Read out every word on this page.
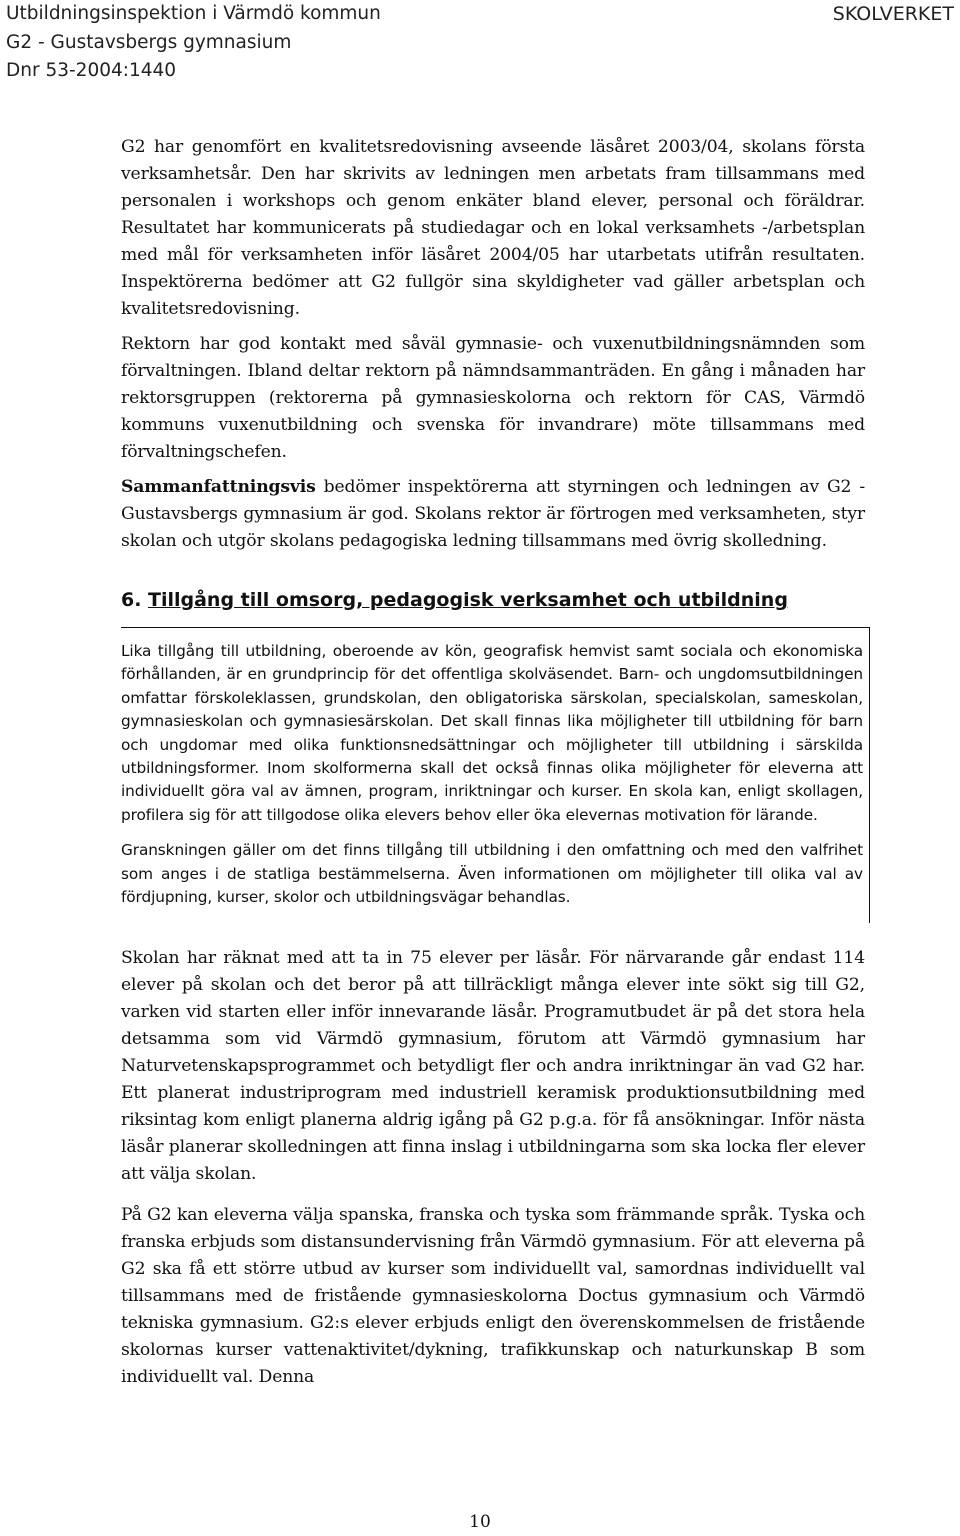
Utbildningsinspektion i Värmdö kommun
G2 - Gustavsbergs gymnasium
Dnr 53-2004:1440
SKOLVERKET

G2 har genomfört en kvalitetsredovisning avseende läsåret 2003/04, skolans första verksamhetsår. Den har skrivits av ledningen men arbetats fram tillsammans med personalen i workshops och genom enkäter bland elever, personal och föräldrar. Resultatet har kommunicerats på studiedagar och en lokal verksamhets -/arbetsplan med mål för verksamheten inför läsåret 2004/05 har utarbetats utifrån resultaten. Inspektörerna bedömer att G2 fullgör sina skyldigheter vad gäller arbetsplan och kvalitetsredovisning.

Rektorn har god kontakt med såväl gymnasie- och vuxenutbildningsnämnden som förvaltningen. Ibland deltar rektorn på nämndsammanträden. En gång i månaden har rektorsgruppen (rektorerna på gymnasieskolorna och rektorn för CAS, Värmdö kommuns vuxenutbildning och svenska för invandrare) möte tillsammans med förvaltningschefen.

Sammanfattningsvis bedömer inspektörerna att styrningen och ledningen av G2 - Gustavsbergs gymnasium är god. Skolans rektor är förtrogen med verksamheten, styr skolan och utgör skolans pedagogiska ledning tillsammans med övrig skolledning.

6. Tillgång till omsorg, pedagogisk verksamhet och utbildning

Lika tillgång till utbildning, oberoende av kön, geografisk hemvist samt sociala och ekonomiska förhållanden, är en grundprincip för det offentliga skolväsendet. Barn- och ungdomsutbildningen omfattar förskoleklassen, grundskolan, den obligatoriska särskolan, specialskolan, sameskolan, gymnasieskolan och gymnasiesärskolan. Det skall finnas lika möjligheter till utbildning för barn och ungdomar med olika funktionsnedsättningar och möjligheter till utbildning i särskilda utbildningsformer. Inom skolformerna skall det också finnas olika möjligheter för eleverna att individuellt göra val av ämnen, program, inriktningar och kurser. En skola kan, enligt skollagen, profilera sig för att tillgodose olika elevers behov eller öka elevernas motivation för lärande.

Granskningen gäller om det finns tillgång till utbildning i den omfattning och med den valfrihet som anges i de statliga bestämmelserna. Även informationen om möjligheter till olika val av fördjupning, kurser, skolor och utbildningsvägar behandlas.

Skolan har räknat med att ta in 75 elever per läsår. För närvarande går endast 114 elever på skolan och det beror på att tillräckligt många elever inte sökt sig till G2, varken vid starten eller inför innevarande läsår. Programutbudet är på det stora hela detsamma som vid Värmdö gymnasium, förutom att Värmdö gymnasium har Naturvetenskapsprogrammet och betydligt fler och andra inriktningar än vad G2 har. Ett planerat industriprogram med industriell keramisk produktionsutbildning med riksintag kom enligt planerna aldrig igång på G2 p.g.a. för få ansökningar. Inför nästa läsår planerar skolledningen att finna inslag i utbildningarna som ska locka fler elever att välja skolan.

På G2 kan eleverna välja spanska, franska och tyska som främmande språk. Tyska och franska erbjuds som distansundervisning från Värmdö gymnasium. För att eleverna på G2 ska få ett större utbud av kurser som individuellt val, samordnas individuellt val tillsammans med de fristående gymnasieskolorna Doctus gymnasium och Värmdö tekniska gymnasium. G2:s elever erbjuds enligt den överenskommelsen de fristående skolornas kurser vattenaktivitet/dykning, trafikkunskap och naturkunskap B som individuellt val. Denna

10
